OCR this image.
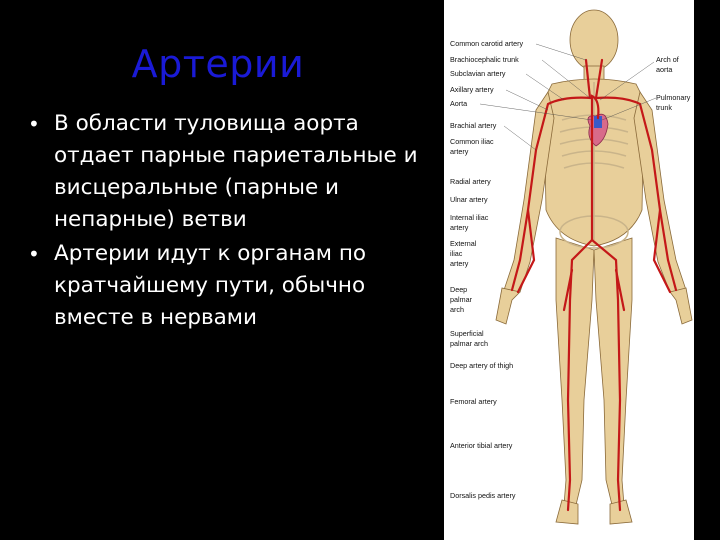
Артерии
• В области туловища аорта отдает парные париетальные и висцеральные (парные и непарные) ветви
• Артерии идут к органам по кратчайшему пути, обычно вместе в нервами
Common carotid artery
Brachiocephalic trunk
Subclavian artery
Axillary artery
Aorta
Brachial artery
Common iliac
artery
Radial artery
Ulnar artery
Internal iliac
artery
External
iliac
artery
Deep
palmar
arch
Superficial
palmar arch
Deep artery of thigh
Femoral artery
Anterior tibial artery
Dorsalis pedis artery
Arch of
aorta
Pulmonary
trunk
